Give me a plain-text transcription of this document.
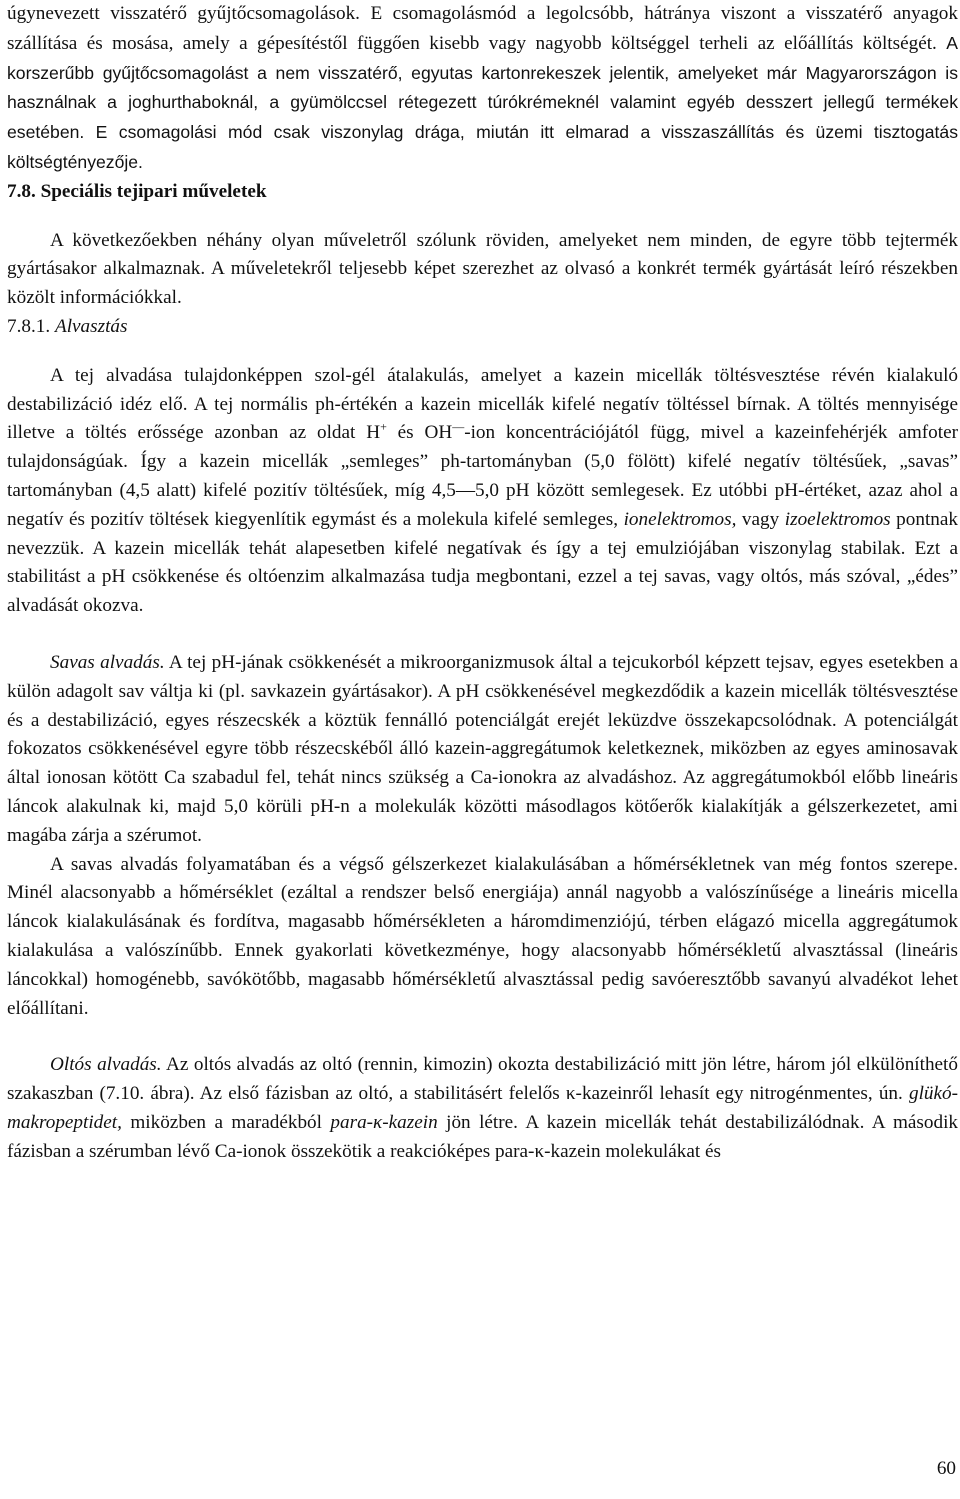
úgynevezett visszatérő gyűjtőcsomagolások. E csomagolásmód a legolcsóbb, hátránya viszont a visszatérő anyagok szállítása és mosása, amely a gépesítéstől függően kisebb vagy nagyobb költséggel terheli az előállítás költségét. A korszerűbb gyűjtőcsomagolást a nem visszatérő, egyutas kartonrekeszek jelentik, amelyeket már Magyarországon is használnak a joghurthaboknál, a gyümölccsel rétegezett túrókrémeknél valamint egyéb desszert jellegű termékek esetében. E csomagolási mód csak viszonylag drága, miután itt elmarad a visszaszállítás és üzemi tisztogatás költségtényezője.

7.8. Speciális tejipari műveletek

A következőekben néhány olyan műveletről szólunk röviden, amelyeket nem minden, de egyre több tejtermék gyártásakor alkalmaznak. A műveletekről teljesebb képet szerezhet az olvasó a konkrét termék gyártását leíró részekben közölt információkkal.

7.8.1. Alvasztás

A tej alvadása tulajdonképpen szol-gél átalakulás, amelyet a kazein micellák töltésvesztése révén kialakuló destabilizáció idéz elő. A tej normális ph-értékén a kazein micellák kifelé negatív töltéssel bírnak. A töltés mennyisége illetve a töltés erőssége azonban az oldat H+ és OH—-ion koncentrációjától függ, mivel a kazeinfehérjék amfoter tulajdonságúak. Így a kazein micellák „semleges” ph-tartományban (5,0 fölött) kifelé negatív töltésűek, „savas” tartományban (4,5 alatt) kifelé pozitív töltésűek, míg 4,5—5,0 pH között semlegesek. Ez utóbbi pH-értéket, azaz ahol a negatív és pozitív töltések kiegyenlítik egymást és a molekula kifelé semleges, ionelektromos, vagy izoelektromos pontnak nevezzük. A kazein micellák tehát alapesetben kifelé negatívak és így a tej emulziójában viszonylag stabilak. Ezt a stabilitást a pH csökkenése és oltóenzim alkalmazása tudja megbontani, ezzel a tej savas, vagy oltós, más szóval, „édes” alvadását okozva.

Savas alvadás. A tej pH-jának csökkenését a mikroorganizmusok által a tejcukorból képzett tejsav, egyes esetekben a külön adagolt sav váltja ki (pl. savkazein gyártásakor). A pH csökkenésével megkezdődik a kazein micellák töltésvesztése és a destabilizáció, egyes részecskék a köztük fennálló potenciálgát erejét leküzdve összekapcsolódnak. A potenciálgát fokozatos csökkenésével egyre több részecskéből álló kazein-aggregátumok keletkeznek, miközben az egyes aminosavak által ionosan kötött Ca szabadul fel, tehát nincs szükség a Ca-ionokra az alvadáshoz. Az aggregátumokból előbb lineáris láncok alakulnak ki, majd 5,0 körüli pH-n a molekulák közötti másodlagos kötőerők kialakítják a gélszerkezetet, ami magába zárja a szérumot.

A savas alvadás folyamatában és a végső gélszerkezet kialakulásában a hőmérsékletnek van még fontos szerepe. Minél alacsonyabb a hőmérséklet (ezáltal a rendszer belső energiája) annál nagyobb a valószínűsége a lineáris micella láncok kialakulásának és fordítva, magasabb hőmérsékleten a háromdimenziójú, térben elágazó micella aggregátumok kialakulása a valószínűbb. Ennek gyakorlati következménye, hogy alacsonyabb hőmérsékletű alvasztással (lineáris láncokkal) homogénebb, savókötőbb, magasabb hőmérsékletű alvasztással pedig savóeresztőbb savanyú alvadékot lehet előállítani.

Oltós alvadás. Az oltós alvadás az oltó (rennin, kimozin) okozta destabilizáció mitt jön létre, három jól elkülöníthető szakaszban (7.10. ábra). Az első fázisban az oltó, a stabilitásért felelős κ-kazeinről lehasít egy nitrogénmentes, ún. glükó-makropeptidet, miközben a maradékból para-κ-kazein jön létre. A kazein micellák tehát destabilizálódnak. A második fázisban a szérumban lévő Ca-ionok összekötik a reakcióképes para-κ-kazein molekulákat és

60
